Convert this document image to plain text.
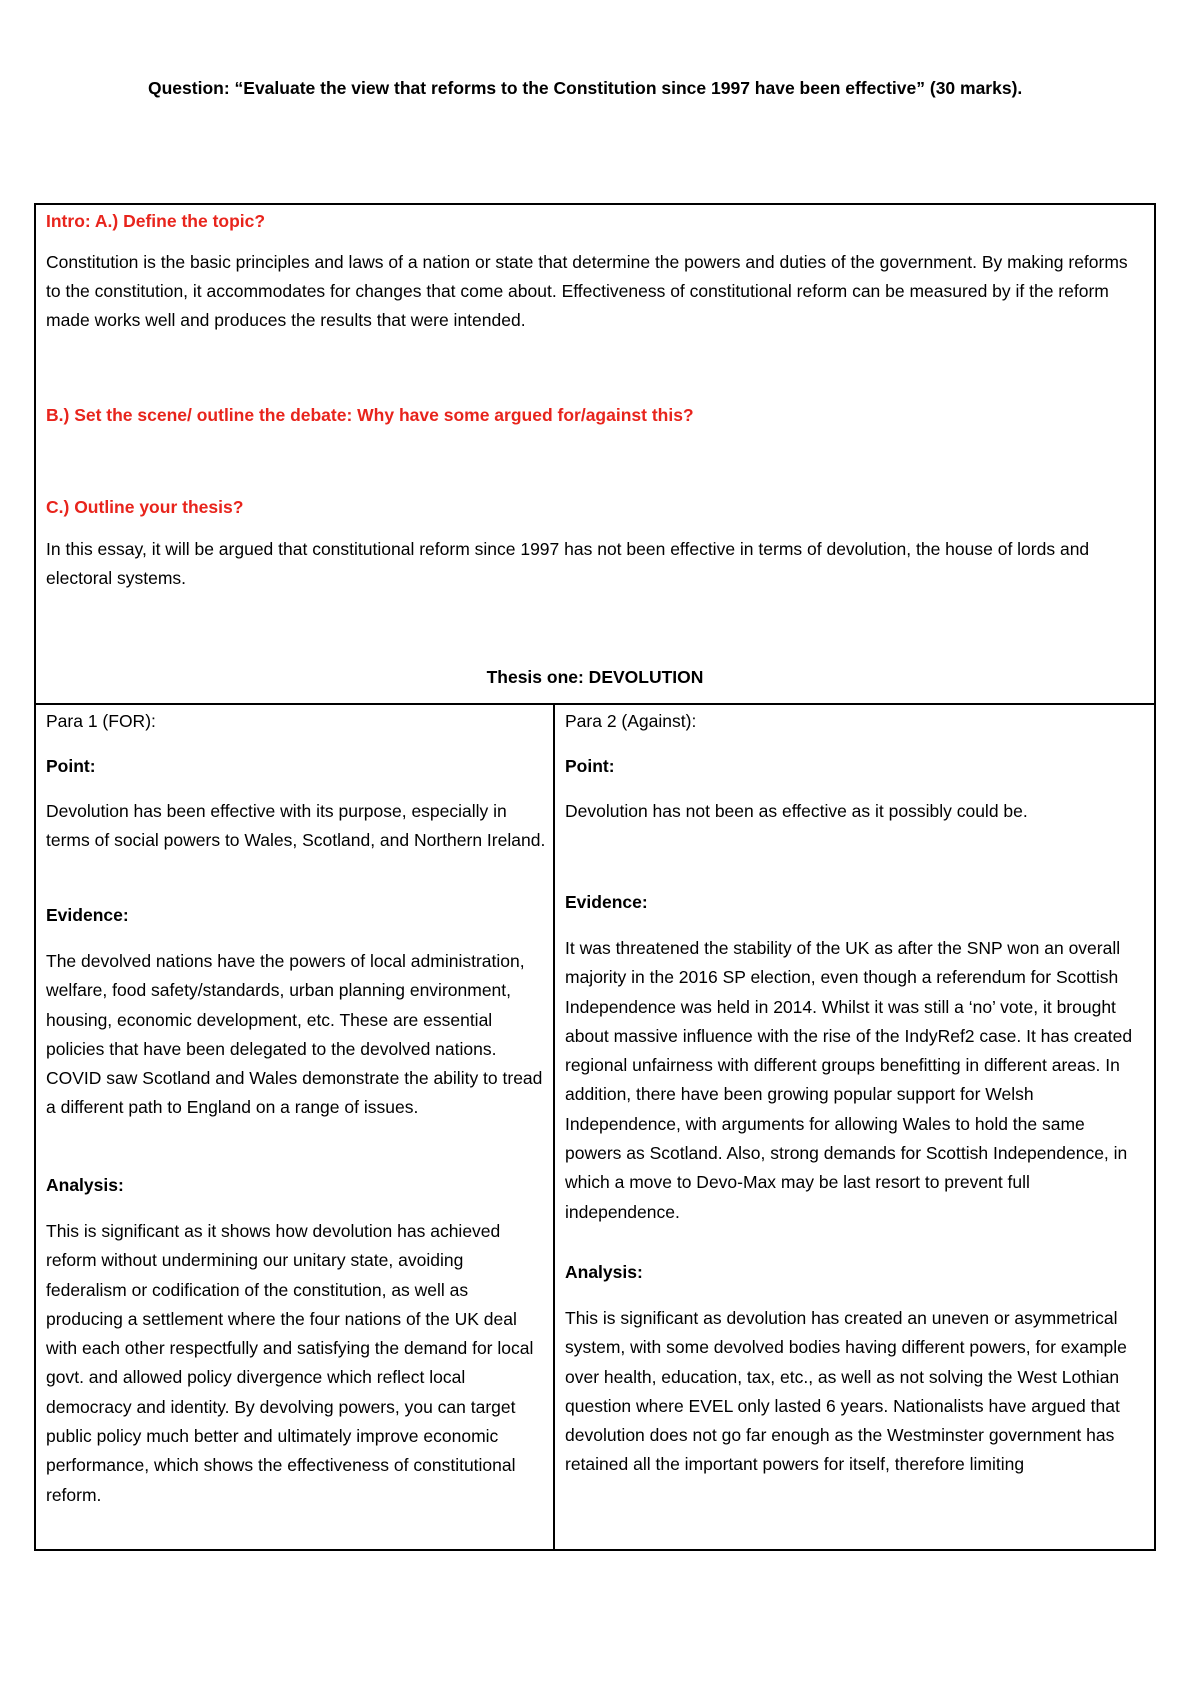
Question: “Evaluate the view that reforms to the Constitution since 1997 have been effective” (30 marks).
Intro: A.) Define the topic?
Constitution is the basic principles and laws of a nation or state that determine the powers and duties of the government. By making reforms to the constitution, it accommodates for changes that come about. Effectiveness of constitutional reform can be measured by if the reform made works well and produces the results that were intended.
B.) Set the scene/ outline the debate: Why have some argued for/against this?
C.) Outline your thesis?
In this essay, it will be argued that constitutional reform since 1997 has not been effective in terms of devolution, the house of lords and electoral systems.
Thesis one: DEVOLUTION
Para 1 (FOR):
Point:
Devolution has been effective with its purpose, especially in terms of social powers to Wales, Scotland, and Northern Ireland.
Evidence:
The devolved nations have the powers of local administration, welfare, food safety/standards, urban planning environment, housing, economic development, etc. These are essential policies that have been delegated to the devolved nations. COVID saw Scotland and Wales demonstrate the ability to tread a different path to England on a range of issues.
Analysis:
This is significant as it shows how devolution has achieved reform without undermining our unitary state, avoiding federalism or codification of the constitution, as well as producing a settlement where the four nations of the UK deal with each other respectfully and satisfying the demand for local govt. and allowed policy divergence which reflect local democracy and identity. By devolving powers, you can target public policy much better and ultimately improve economic performance, which shows the effectiveness of constitutional reform.
Para 2 (Against):
Point:
Devolution has not been as effective as it possibly could be.
Evidence:
It was threatened the stability of the UK as after the SNP won an overall majority in the 2016 SP election, even though a referendum for Scottish Independence was held in 2014. Whilst it was still a ‘no’ vote, it brought about massive influence with the rise of the IndyRef2 case. It has created regional unfairness with different groups benefitting in different areas. In addition, there have been growing popular support for Welsh Independence, with arguments for allowing Wales to hold the same powers as Scotland. Also, strong demands for Scottish Independence, in which a move to Devo-Max may be last resort to prevent full independence.
Analysis:
This is significant as devolution has created an uneven or asymmetrical system, with some devolved bodies having different powers, for example over health, education, tax, etc., as well as not solving the West Lothian question where EVEL only lasted 6 years. Nationalists have argued that devolution does not go far enough as the Westminster government has retained all the important powers for itself, therefore limiting
